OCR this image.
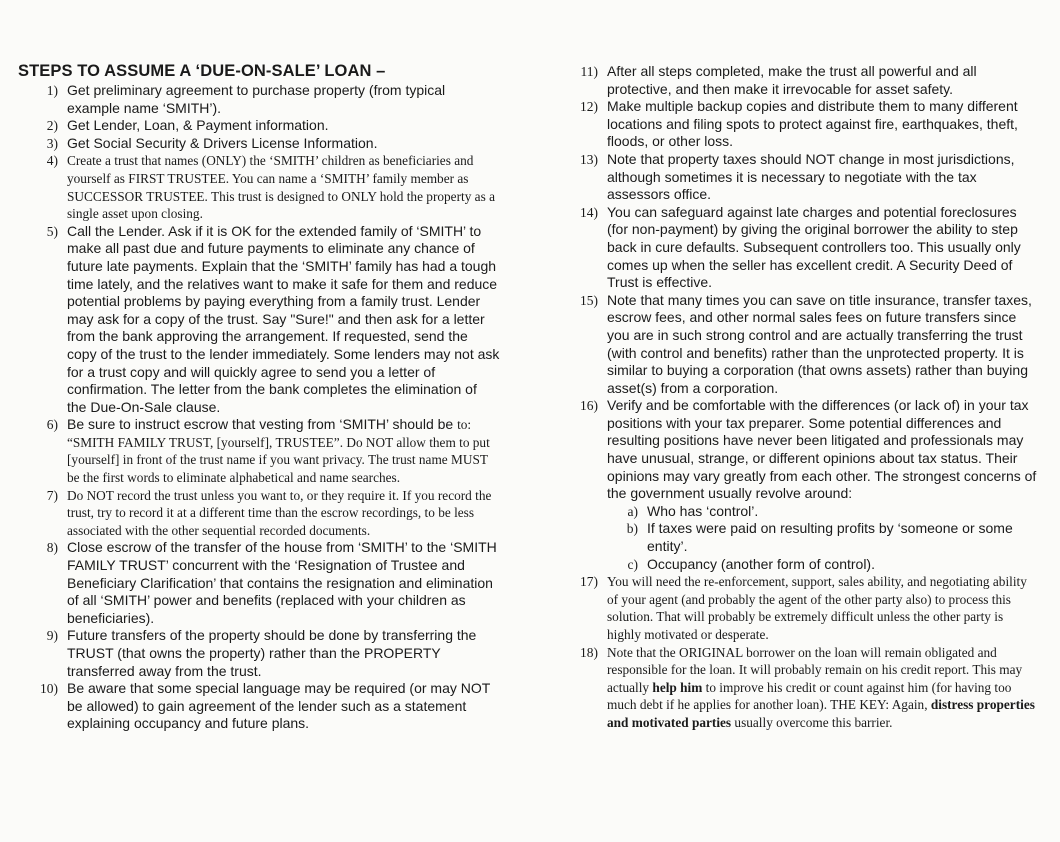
STEPS TO ASSUME A ‘DUE-ON-SALE’ LOAN –
1) Get preliminary agreement to purchase property (from typical example name ‘SMITH’).
2) Get Lender, Loan, & Payment information.
3) Get Social Security & Drivers License Information.
4) Create a trust that names (ONLY) the ‘SMITH’ children as beneficiaries and yourself as FIRST TRUSTEE. You can name a ‘SMITH’ family member as SUCCESSOR TRUSTEE. This trust is designed to ONLY hold the property as a single asset upon closing.
5) Call the Lender. Ask if it is OK for the extended family of ‘SMITH’ to make all past due and future payments to eliminate any chance of future late payments. Explain that the ‘SMITH’ family has had a tough time lately, and the relatives want to make it safe for them and reduce potential problems by paying everything from a family trust. Lender may ask for a copy of the trust. Say "Sure!" and then ask for a letter from the bank approving the arrangement. If requested, send the copy of the trust to the lender immediately. Some lenders may not ask for a trust copy and will quickly agree to send you a letter of confirmation. The letter from the bank completes the elimination of the Due-On-Sale clause.
6) Be sure to instruct escrow that vesting from ‘SMITH’ should be to: “SMITH FAMILY TRUST, [yourself], TRUSTEE”. Do NOT allow them to put [yourself] in front of the trust name if you want privacy. The trust name MUST be the first words to eliminate alphabetical and name searches.
7) Do NOT record the trust unless you want to, or they require it. If you record the trust, try to record it at a different time than the escrow recordings, to be less associated with the other sequential recorded documents.
8) Close escrow of the transfer of the house from ‘SMITH’ to the ‘SMITH FAMILY TRUST’ concurrent with the ‘Resignation of Trustee and Beneficiary Clarification’ that contains the resignation and elimination of all ‘SMITH’ power and benefits (replaced with your children as beneficiaries).
9) Future transfers of the property should be done by transferring the TRUST (that owns the property) rather than the PROPERTY transferred away from the trust.
10) Be aware that some special language may be required (or may NOT be allowed) to gain agreement of the lender such as a statement explaining occupancy and future plans.
11) After all steps completed, make the trust all powerful and all protective, and then make it irrevocable for asset safety.
12) Make multiple backup copies and distribute them to many different locations and filing spots to protect against fire, earthquakes, theft, floods, or other loss.
13) Note that property taxes should NOT change in most jurisdictions, although sometimes it is necessary to negotiate with the tax assessors office.
14) You can safeguard against late charges and potential foreclosures (for non-payment) by giving the original borrower the ability to step back in cure defaults. Subsequent controllers too. This usually only comes up when the seller has excellent credit. A Security Deed of Trust is effective.
15) Note that many times you can save on title insurance, transfer taxes, escrow fees, and other normal sales fees on future transfers since you are in such strong control and are actually transferring the trust (with control and benefits) rather than the unprotected property. It is similar to buying a corporation (that owns assets) rather than buying asset(s) from a corporation.
16) Verify and be comfortable with the differences (or lack of) in your tax positions with your tax preparer. Some potential differences and resulting positions have never been litigated and professionals may have unusual, strange, or different opinions about tax status. Their opinions may vary greatly from each other. The strongest concerns of the government usually revolve around:
a) Who has ‘control’.
b) If taxes were paid on resulting profits by ‘someone or some entity’.
c) Occupancy (another form of control).
17) You will need the re-enforcement, support, sales ability, and negotiating ability of your agent (and probably the agent of the other party also) to process this solution. That will probably be extremely difficult unless the other party is highly motivated or desperate.
18) Note that the ORIGINAL borrower on the loan will remain obligated and responsible for the loan. It will probably remain on his credit report. This may actually help him to improve his credit or count against him (for having too much debt if he applies for another loan). THE KEY: Again, distress properties and motivated parties usually overcome this barrier.
